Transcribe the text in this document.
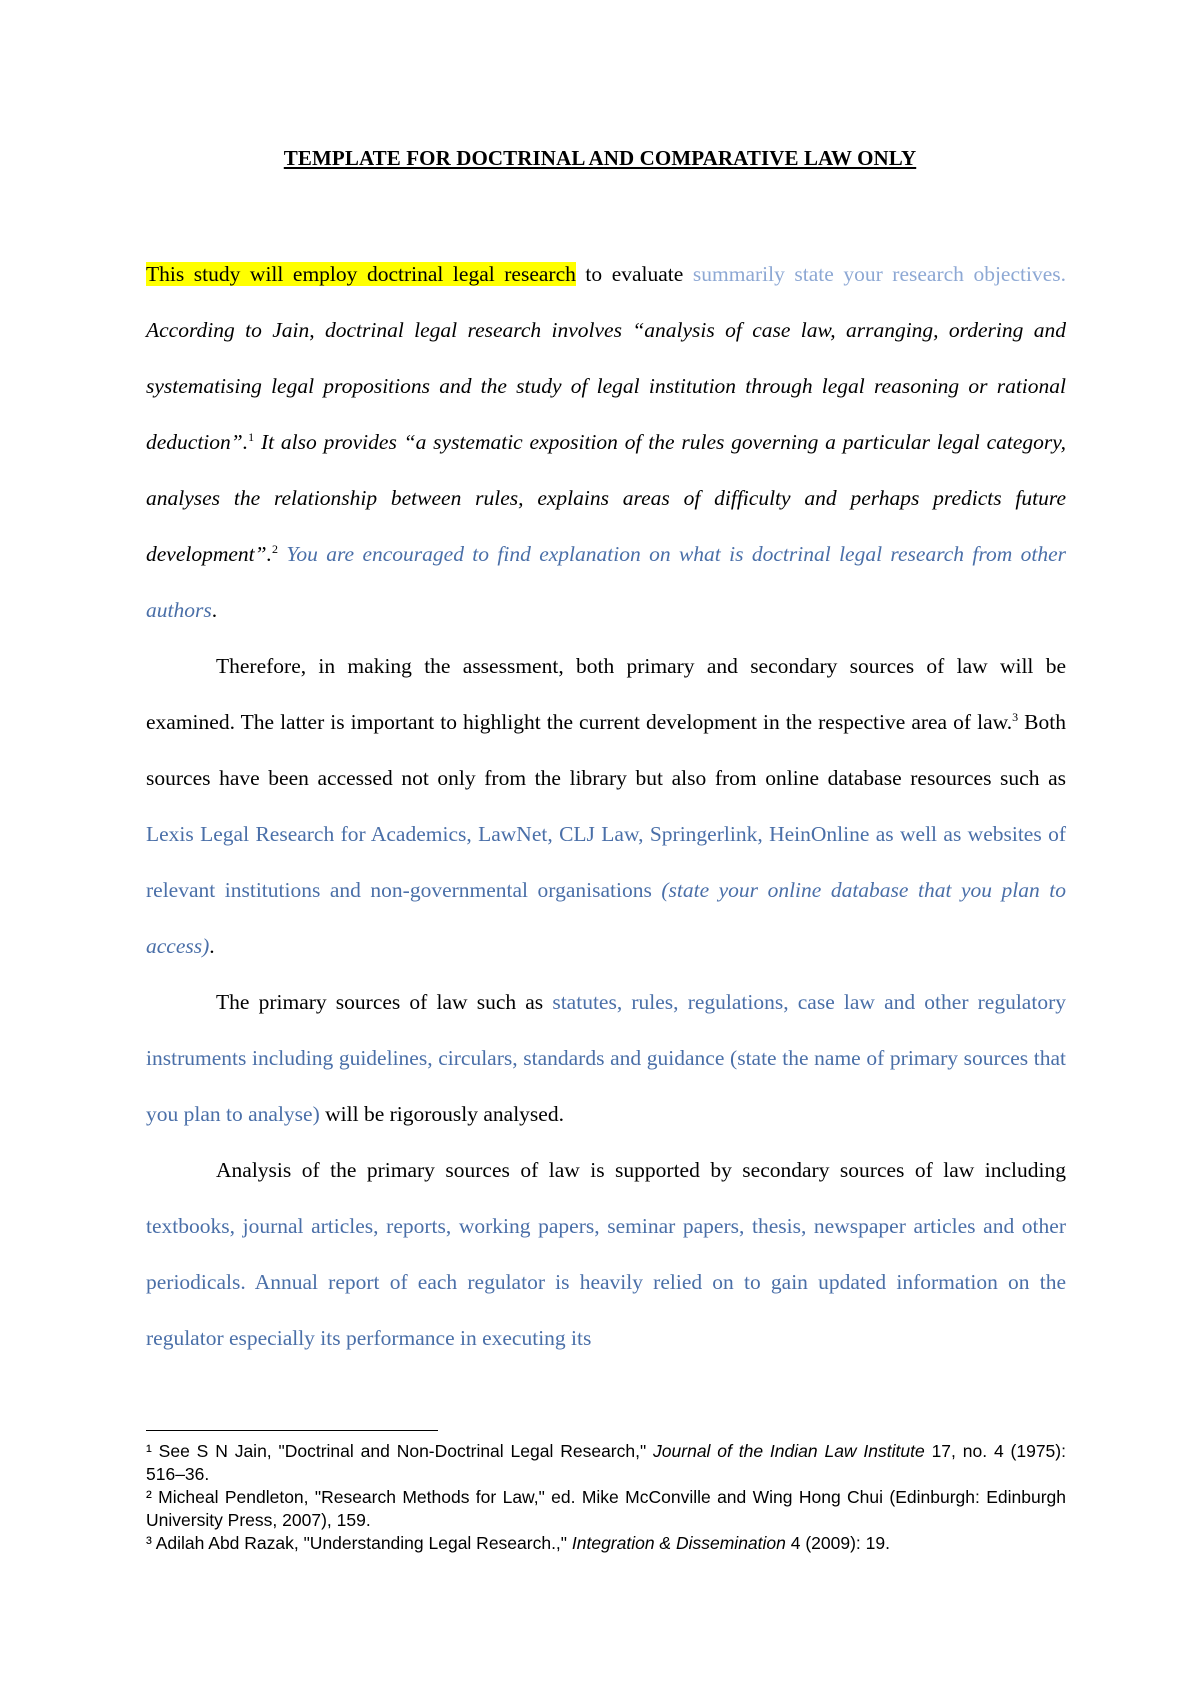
TEMPLATE FOR DOCTRINAL AND COMPARATIVE LAW ONLY

This study will employ doctrinal legal research to evaluate summarily state your research objectives. According to Jain, doctrinal legal research involves “analysis of case law, arranging, ordering and systematising legal propositions and the study of legal institution through legal reasoning or rational deduction”.$^1$ It also provides “a systematic exposition of the rules governing a particular legal category, analyses the relationship between rules, explains areas of difficulty and perhaps predicts future development”.$^2$ You are encouraged to find explanation on what is doctrinal legal research from other authors.

Therefore, in making the assessment, both primary and secondary sources of law will be examined. The latter is important to highlight the current development in the respective area of law.$^3$ Both sources have been accessed not only from the library but also from online database resources such as Lexis Legal Research for Academics, LawNet, CLJ Law, Springerlink, HeinOnline as well as websites of relevant institutions and non-governmental organisations (state your online database that you plan to access).

The primary sources of law such as statutes, rules, regulations, case law and other regulatory instruments including guidelines, circulars, standards and guidance (state the name of primary sources that you plan to analyse) will be rigorously analysed.

Analysis of the primary sources of law is supported by secondary sources of law including textbooks, journal articles, reports, working papers, seminar papers, thesis, newspaper articles and other periodicals. Annual report of each regulator is heavily relied on to gain updated information on the regulator especially its performance in executing its

¹ See S N Jain, "Doctrinal and Non-Doctrinal Legal Research," Journal of the Indian Law Institute 17, no. 4 (1975): 516–36.

² Micheal Pendleton, "Research Methods for Law," ed. Mike McConville and Wing Hong Chui (Edinburgh: Edinburgh University Press, 2007), 159.

³ Adilah Abd Razak, "Understanding Legal Research.," Integration & Dissemination 4 (2009): 19.
